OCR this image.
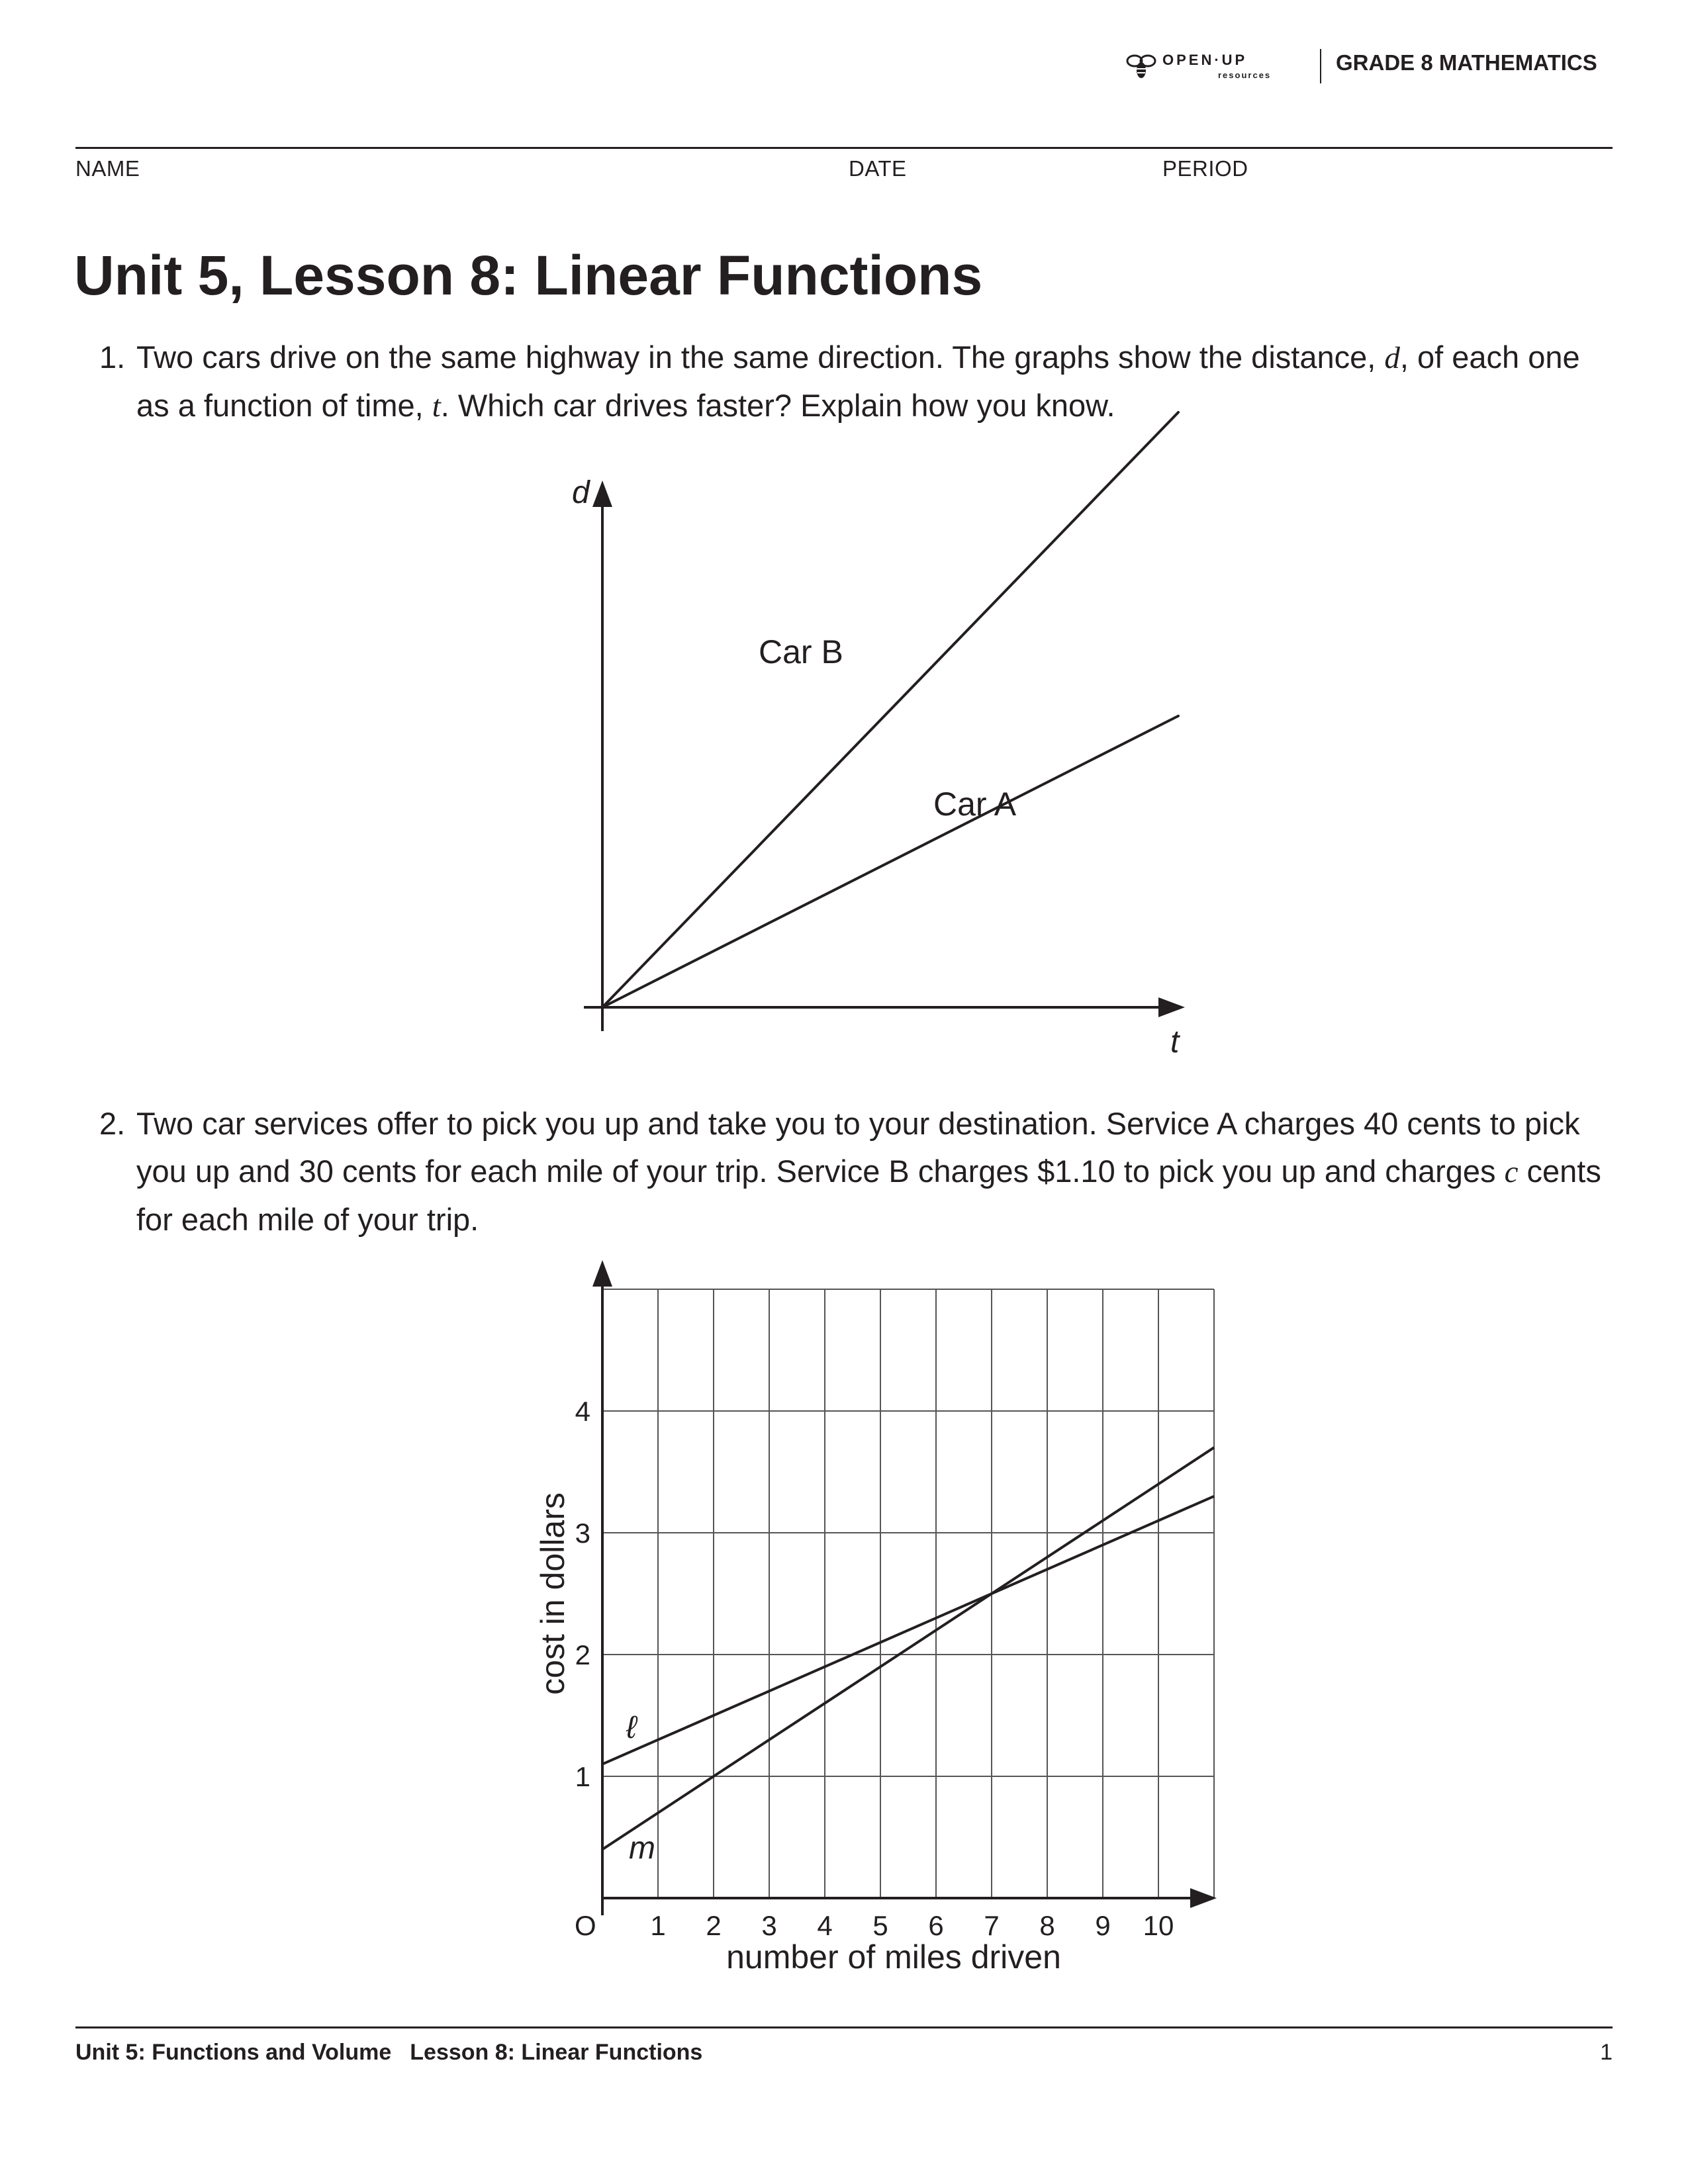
OPEN·UP
resources
GRADE 8 MATHEMATICS
NAME	DATE	PERIOD
Unit 5, Lesson 8: Linear Functions
1. Two cars drive on the same highway in the same direction. The graphs show the distance, d, of each one as a function of time, t. Which car drives faster? Explain how you know.
d
t
Car B
Car A
2. Two car services offer to pick you up and take you to your destination. Service A charges 40 cents to pick you up and 30 cents for each mile of your trip. Service B charges $1.10 to pick you up and charges c cents for each mile of your trip.
1 2 3 4 5 6 7 8 9 10
1
2
3
4
O
number of miles driven
cost in dollars
ℓ
m
Unit 5: Functions and Volume Lesson 8: Linear Functions	1
